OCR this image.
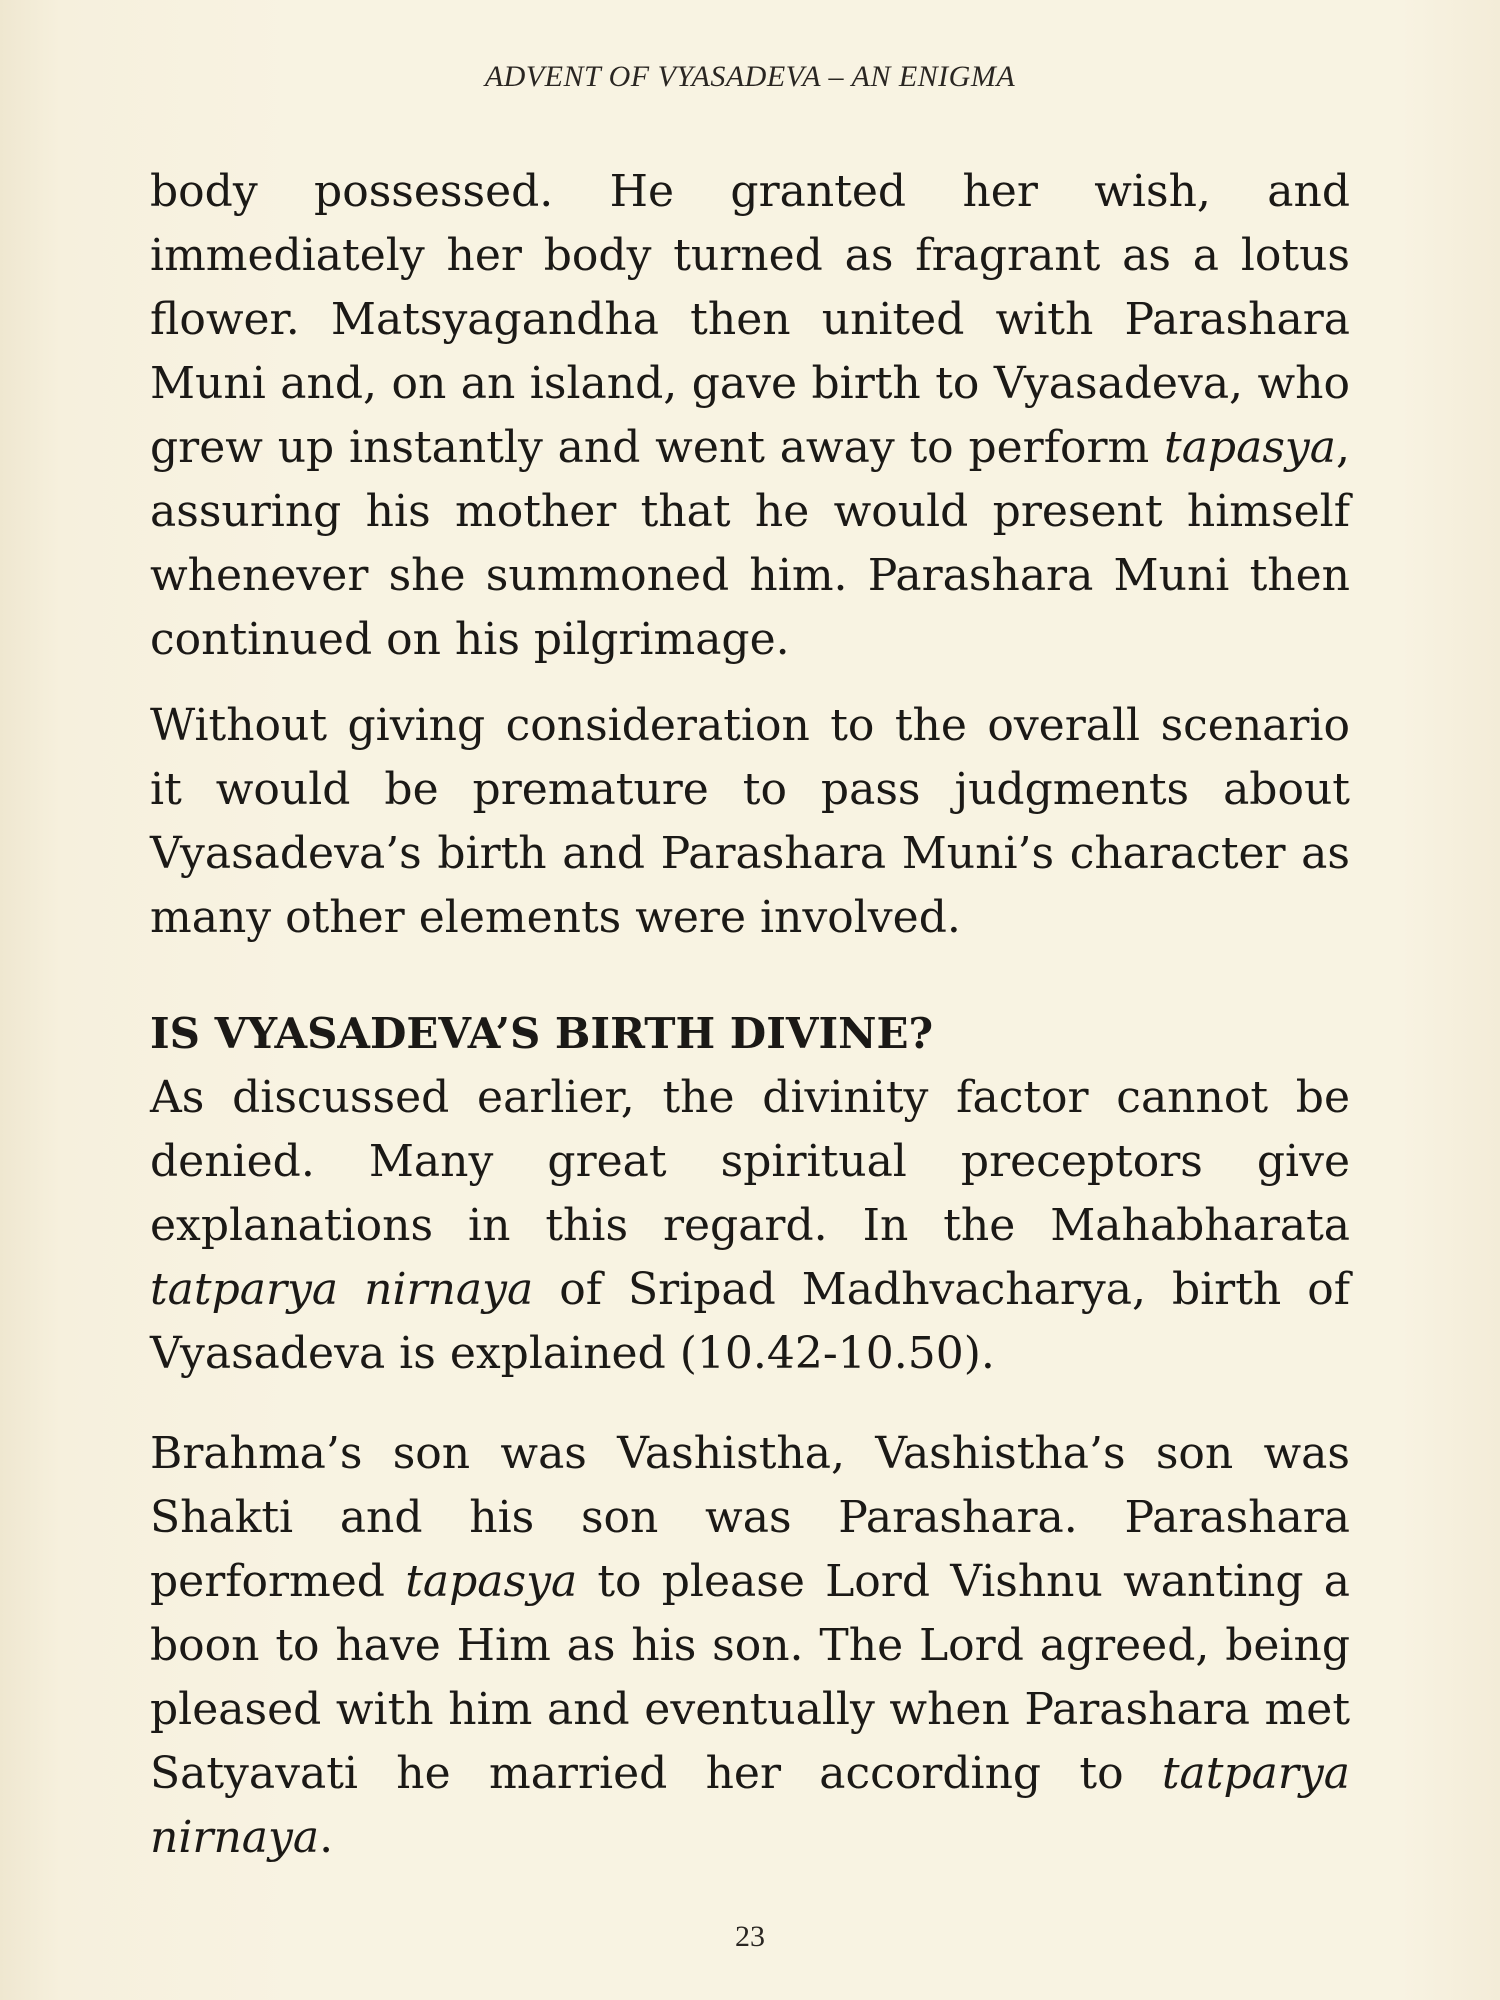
ADVENT OF VYASADEVA – AN ENIGMA

body possessed. He granted her wish, and immediately her body turned as fragrant as a lotus flower. Matsyagandha then united with Parashara Muni and, on an island, gave birth to Vyasadeva, who grew up instantly and went away to perform tapasya, assuring his mother that he would present himself whenever she summoned him. Parashara Muni then continued on his pilgrimage.

Without giving consideration to the overall scenario it would be premature to pass judgments about Vyasadeva’s birth and Parashara Muni’s character as many other elements were involved.

IS VYASADEVA’S BIRTH DIVINE?

As discussed earlier, the divinity factor cannot be denied. Many great spiritual preceptors give explanations in this regard. In the Mahabharata tatparya nirnaya of Sripad Madhvacharya, birth of Vyasadeva is explained (10.42-10.50).

Brahma’s son was Vashistha, Vashistha’s son was Shakti and his son was Parashara. Parashara performed tapasya to please Lord Vishnu wanting a boon to have Him as his son. The Lord agreed, being pleased with him and eventually when Parashara met Satyavati he married her according to tatparya nirnaya.

23
